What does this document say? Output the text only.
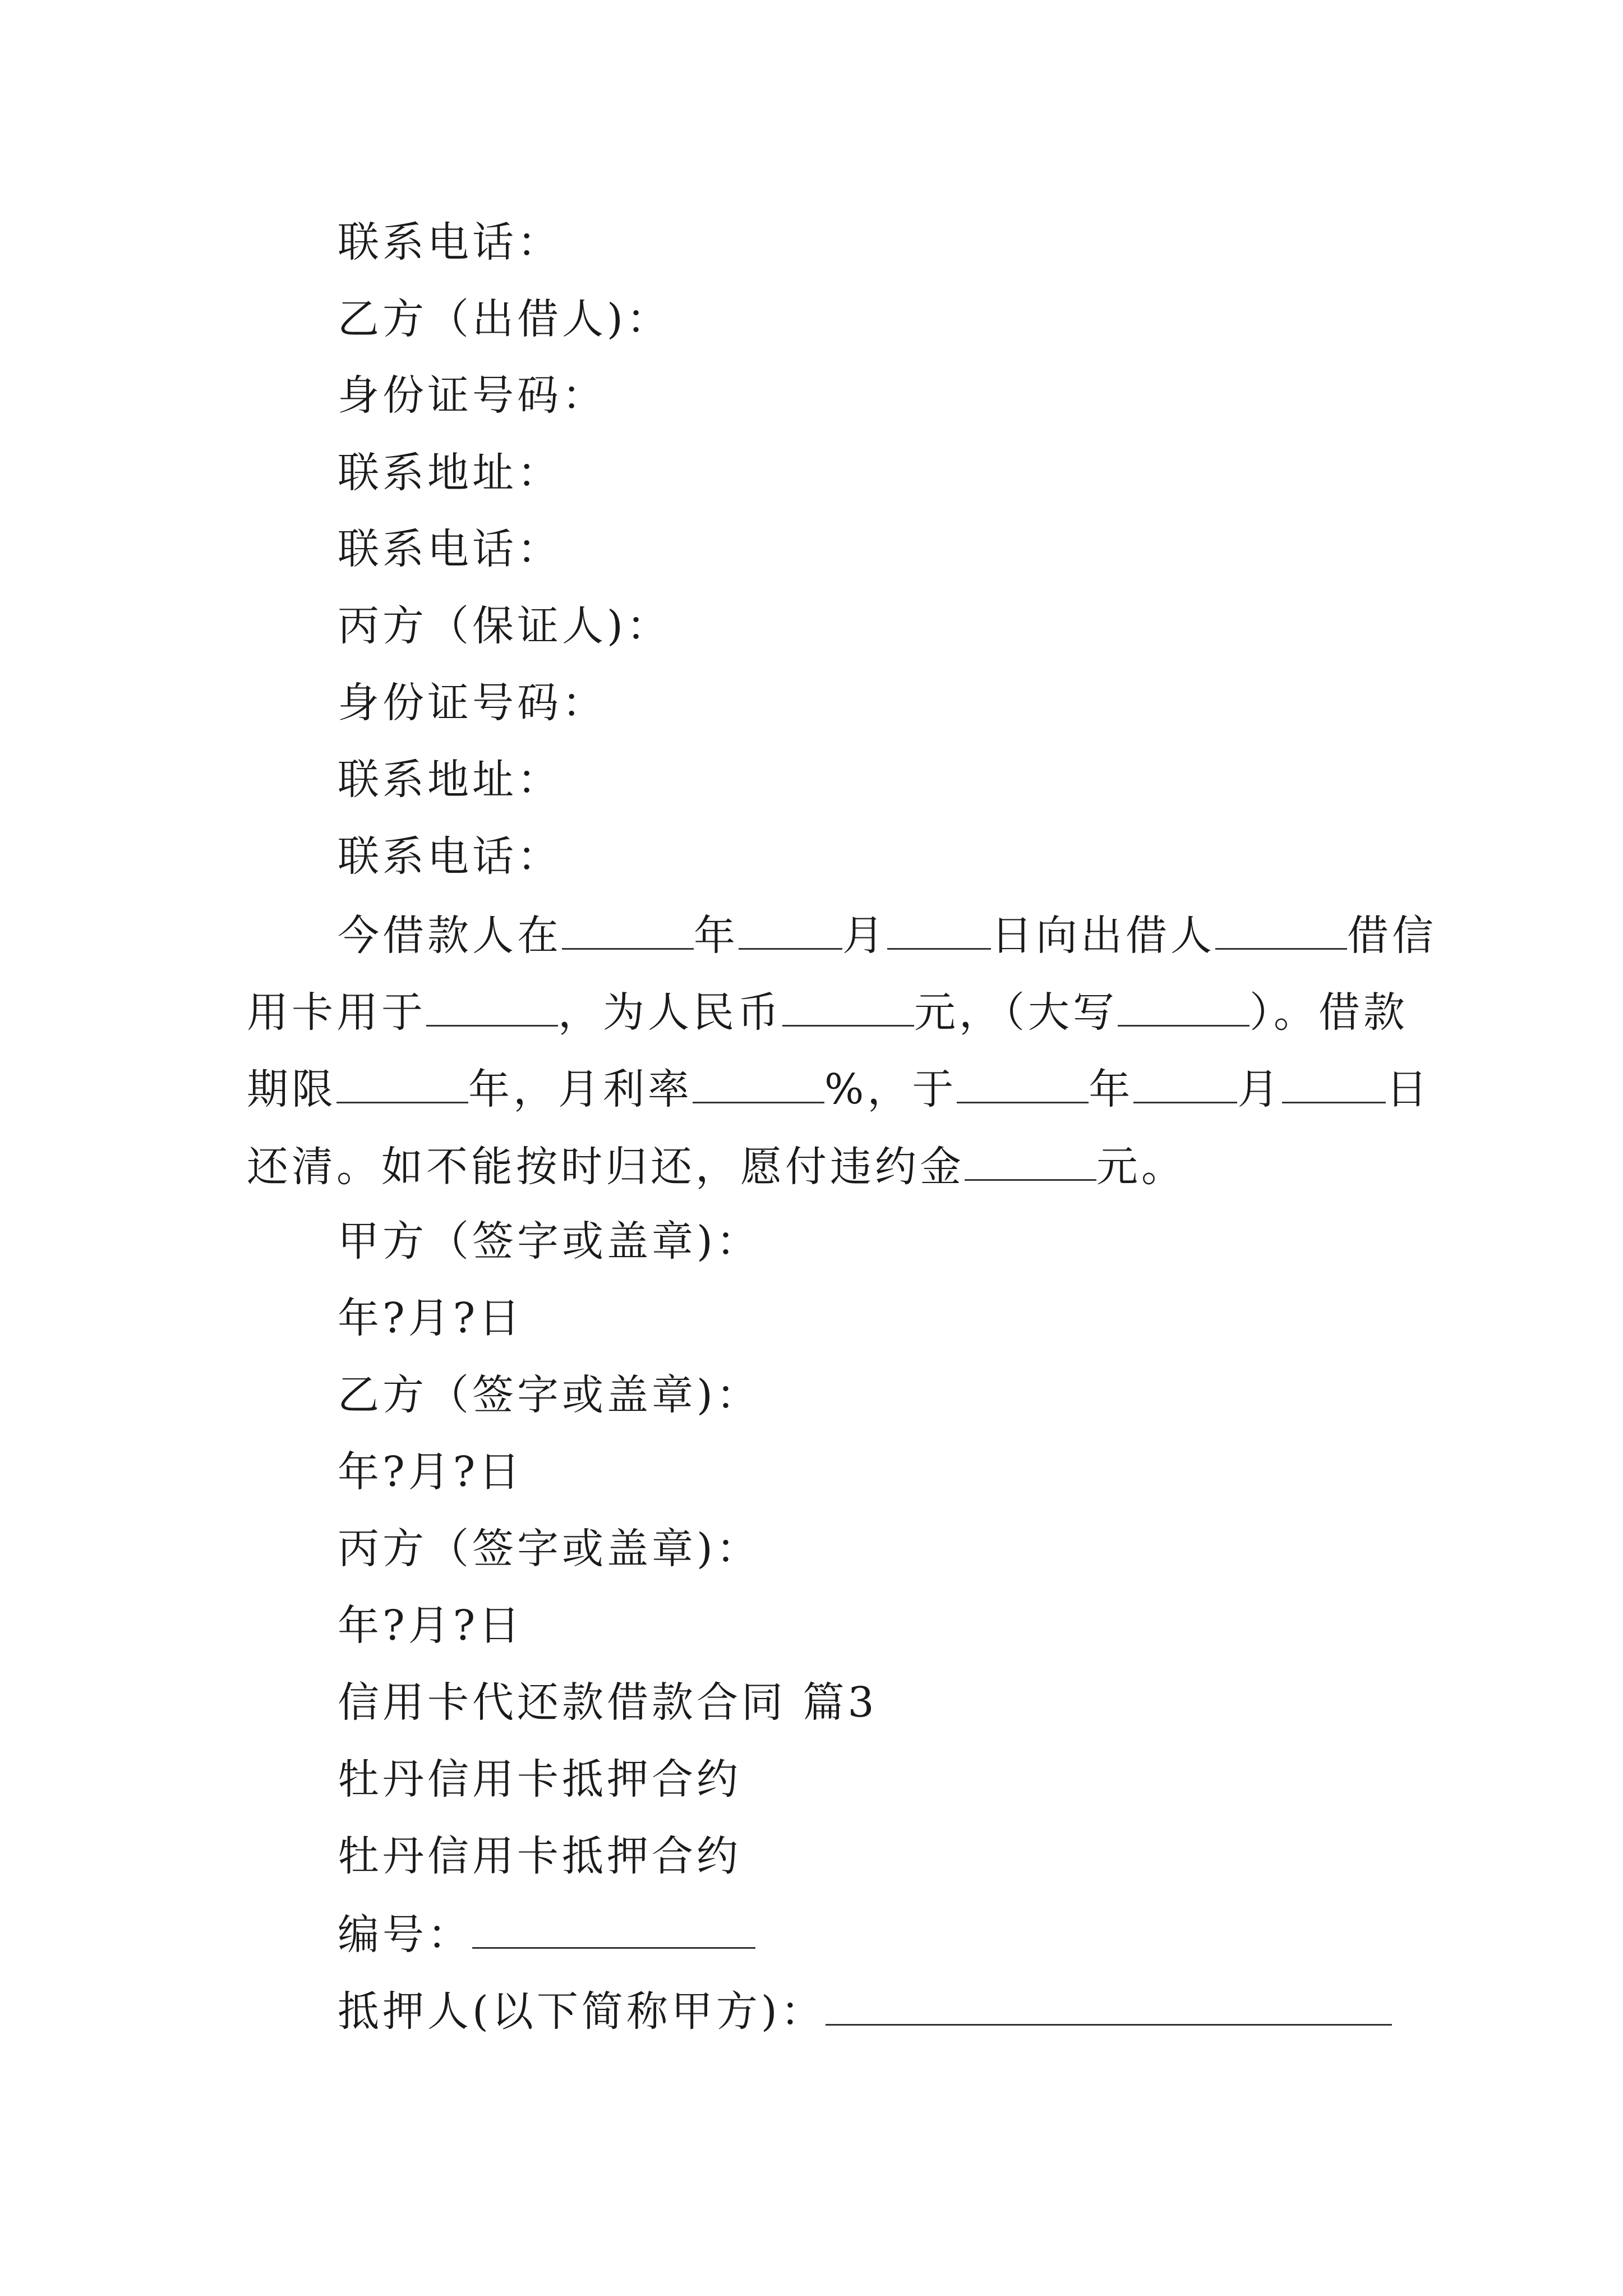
联系电话：
乙方（出借人)：
身份证号码：
联系地址：
联系电话：
丙方（保证人)：
身份证号码：
联系地址：
联系电话：
今借款人在	年	月	日向出借人	借信
用卡用于	，为人民币	元，（大写	）。借款
期限	年，月利率	%，于	年	月	日
还清。如不能按时归还，愿付违约金	元。
甲方（签字或盖章)：
年?月?日
乙方（签字或盖章)：
年?月?日
丙方（签字或盖章)：
年?月?日
信用卡代还款借款合同 篇3
牡丹信用卡抵押合约
牡丹信用卡抵押合约
编号：
抵押人(以下简称甲方)：
